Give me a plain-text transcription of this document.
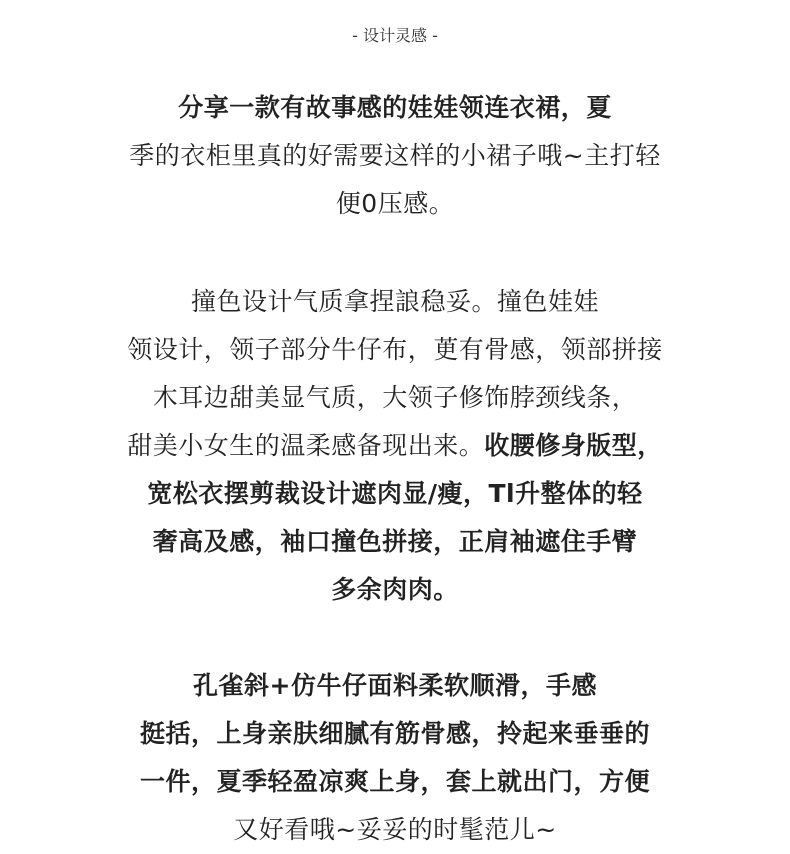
- 设计灵感 -
分享一款有故事感的娃娃领连衣裙，夏
季的衣柜里真的好需要这样的小裙子哦~主打轻
便0压感。
撞色设计气质拿捏誏稳妥。撞色娃娃
领设计，领子部分牛仔布，茰有骨感，领部拼接
木耳边甜美显气质，大领子修饰脖颈线条，
甜美小女生的温柔感备现出来。收腰修身版型，
宽松衣摆剪裁设计遮肉显/瘦，Tl升整体的轻
奢高及感，袖口撞色拼接，正肩袖遮住手臂
多余肉肉。
孔雀斜+仿牛仔面料柔软顺滑，手感
挺括，上身亲肤细腻有筋骨感，拎起来垂垂的
一件，夏季轻盈凉爽上身，套上就出门，方便
又好看哦~妥妥的时髦范儿~
